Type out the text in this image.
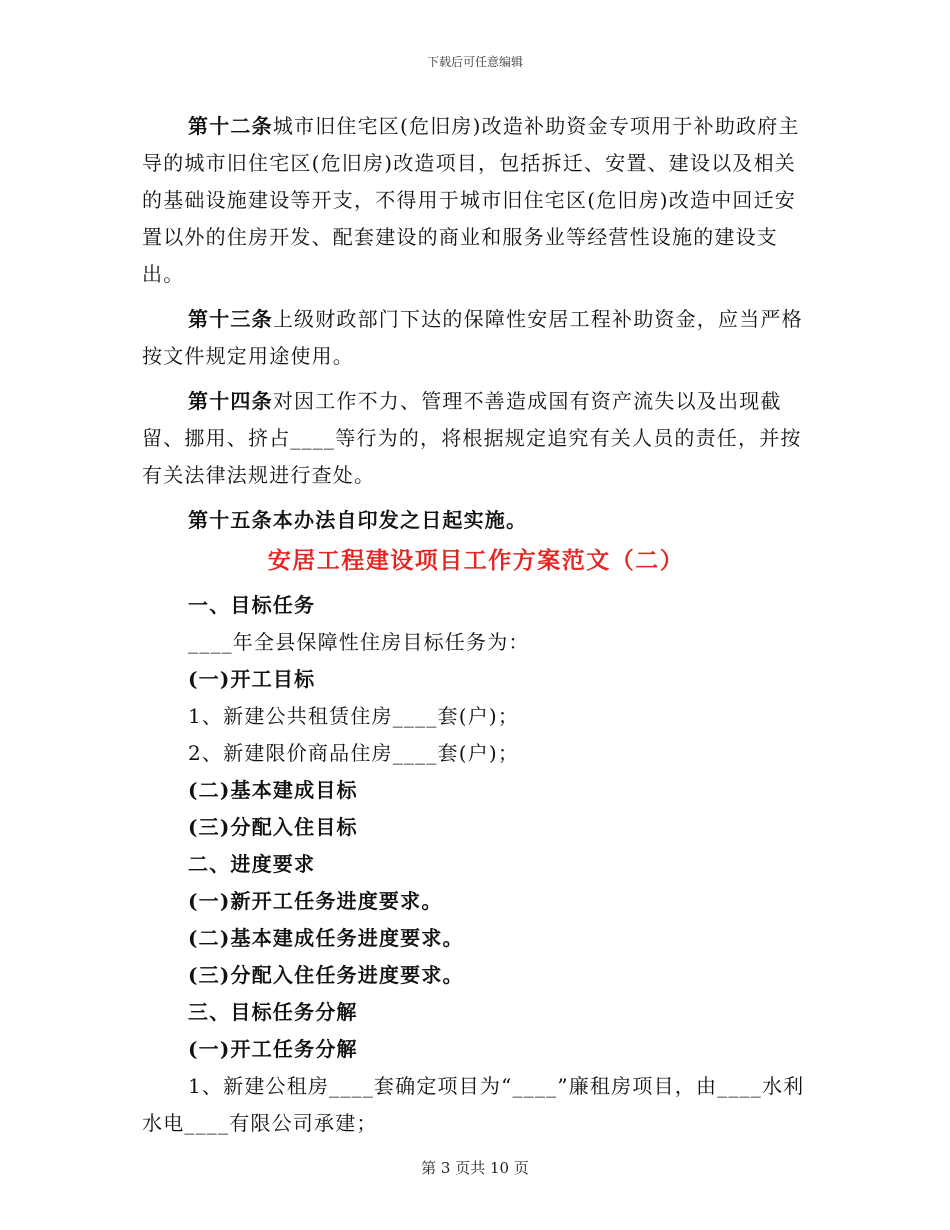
下载后可任意编辑

第十二条城市旧住宅区(危旧房)改造补助资金专项用于补助政府主导的城市旧住宅区(危旧房)改造项目，包括拆迁、安置、建设以及相关的基础设施建设等开支，不得用于城市旧住宅区(危旧房)改造中回迁安置以外的住房开发、配套建设的商业和服务业等经营性设施的建设支出。

第十三条上级财政部门下达的保障性安居工程补助资金，应当严格按文件规定用途使用。

第十四条对因工作不力、管理不善造成国有资产流失以及出现截留、挪用、挤占____等行为的，将根据规定追究有关人员的责任，并按有关法律法规进行查处。

第十五条本办法自印发之日起实施。

安居工程建设项目工作方案范文（二）

一、目标任务

____年全县保障性住房目标任务为：

(一)开工目标

1、新建公共租赁住房____套(户)；

2、新建限价商品住房____套(户)；

(二)基本建成目标

(三)分配入住目标

二、进度要求

(一)新开工任务进度要求。

(二)基本建成任务进度要求。

(三)分配入住任务进度要求。

三、目标任务分解

(一)开工任务分解

1、新建公租房____套确定项目为“____”廉租房项目，由____水利水电____有限公司承建；

第 3 页共 10 页
